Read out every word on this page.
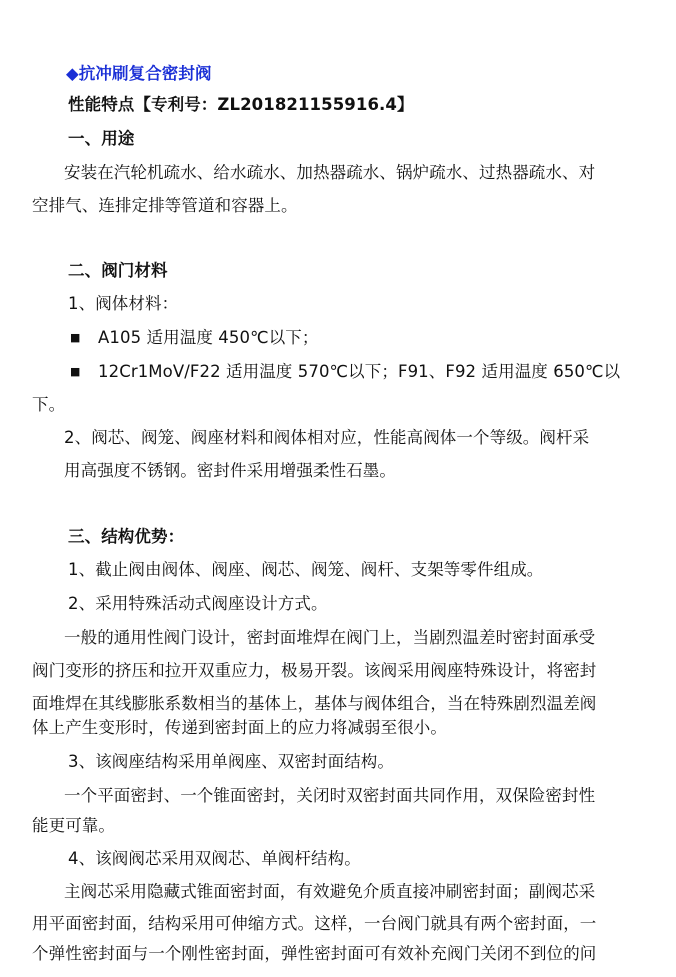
◆抗冲刷复合密封阀
性能特点【专利号：ZL201821155916.4】
一、用途
安装在汽轮机疏水、给水疏水、加热器疏水、锅炉疏水、过热器疏水、对
空排气、连排定排等管道和容器上。
二、阀门材料
1、阀体材料：
■ A105 适用温度 450℃以下；
■ 12Cr1MoV/F22 适用温度 570℃以下；F91、F92 适用温度 650℃以
下。
2、阀芯、阀笼、阀座材料和阀体相对应，性能高阀体一个等级。阀杆采
用高强度不锈钢。密封件采用增强柔性石墨。
三、结构优势：
1、截止阀由阀体、阀座、阀芯、阀笼、阀杆、支架等零件组成。
2、采用特殊活动式阀座设计方式。
一般的通用性阀门设计，密封面堆焊在阀门上，当剧烈温差时密封面承受
阀门变形的挤压和拉开双重应力，极易开裂。该阀采用阀座特殊设计，将密封
面堆焊在其线膨胀系数相当的基体上，基体与阀体组合，当在特殊剧烈温差阀
体上产生变形时，传递到密封面上的应力将减弱至很小。
3、该阀座结构采用单阀座、双密封面结构。
一个平面密封、一个锥面密封，关闭时双密封面共同作用，双保险密封性
能更可靠。
4、该阀阀芯采用双阀芯、单阀杆结构。
主阀芯采用隐藏式锥面密封面，有效避免介质直接冲刷密封面；副阀芯采
用平面密封面，结构采用可伸缩方式。这样，一台阀门就具有两个密封面，一
个弹性密封面与一个刚性密封面，弹性密封面可有效补充阀门关闭不到位的问
